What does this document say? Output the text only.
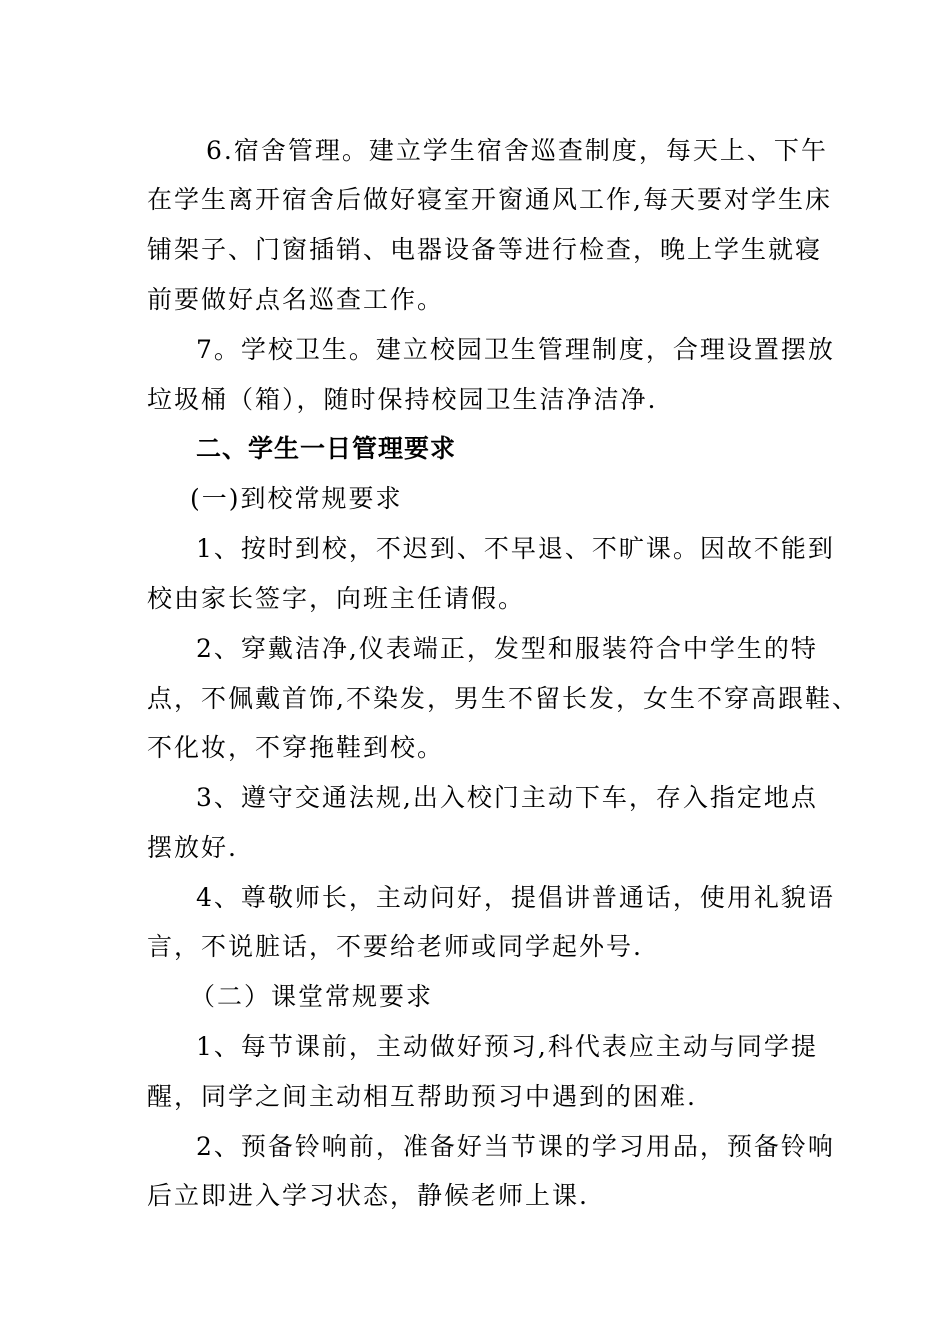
6.宿舍管理。建立学生宿舍巡查制度，每天上、下午
在学生离开宿舍后做好寝室开窗通风工作,每天要对学生床
铺架子、门窗插销、电器设备等进行检查，晚上学生就寝
前要做好点名巡查工作。
7。学校卫生。建立校园卫生管理制度，合理设置摆放
垃圾桶（箱），随时保持校园卫生洁净洁净.
二、学生一日管理要求
(一)到校常规要求
1、按时到校，不迟到、不早退、不旷课。因故不能到
校由家长签字，向班主任请假。
2、穿戴洁净,仪表端正，发型和服装符合中学生的特
点，不佩戴首饰,不染发，男生不留长发，女生不穿高跟鞋、
不化妆，不穿拖鞋到校。
3、遵守交通法规,出入校门主动下车，存入指定地点
摆放好.
4、尊敬师长，主动问好，提倡讲普通话，使用礼貌语
言，不说脏话，不要给老师或同学起外号.
（二）课堂常规要求
1、每节课前，主动做好预习,科代表应主动与同学提
醒，同学之间主动相互帮助预习中遇到的困难.
2、预备铃响前，准备好当节课的学习用品，预备铃响
后立即进入学习状态，静候老师上课.
